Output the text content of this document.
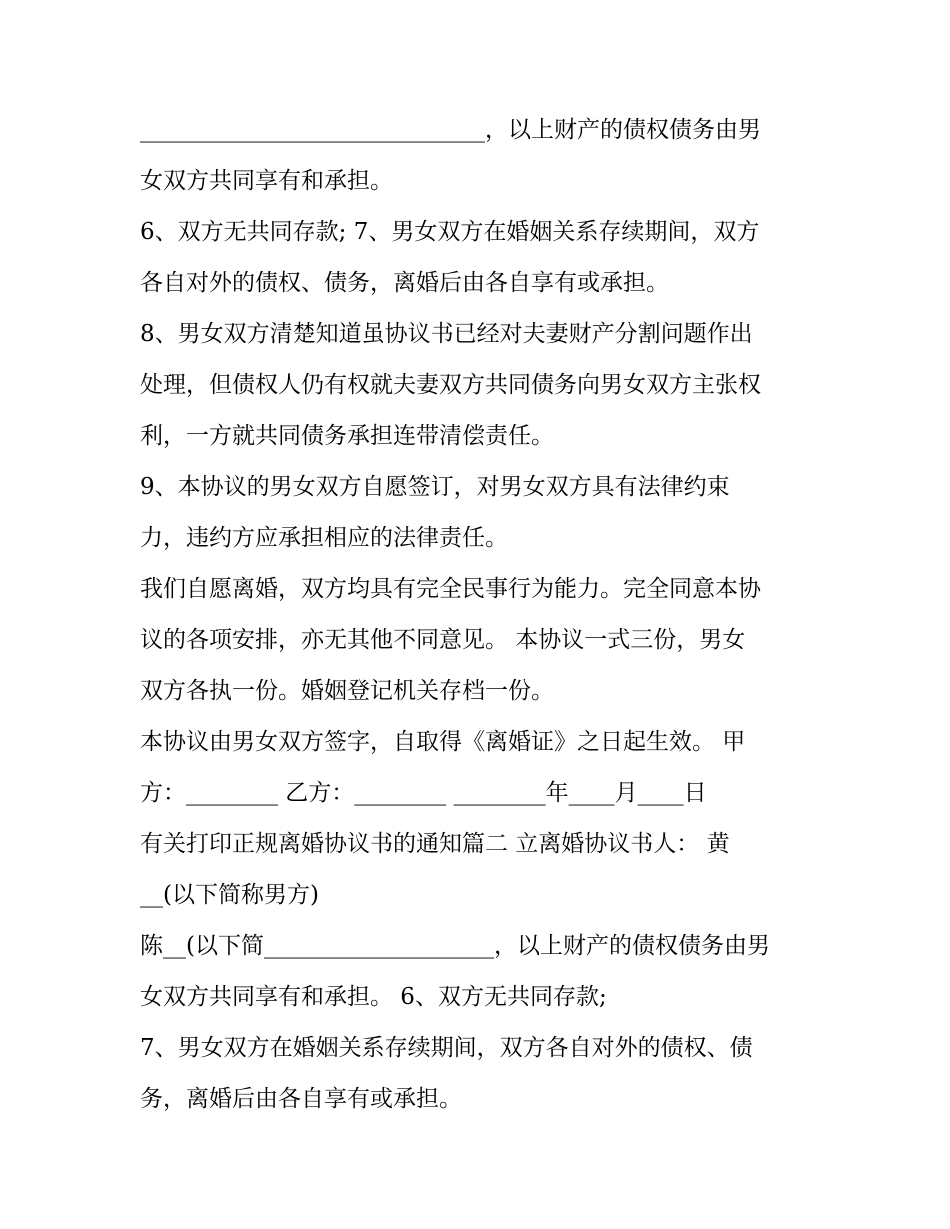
______________________________，以上财产的债权债务由男
女双方共同享有和承担。
6、双方无共同存款; 7、男女双方在婚姻关系存续期间，双方
各自对外的债权、债务，离婚后由各自享有或承担。
8、男女双方清楚知道虽协议书已经对夫妻财产分割问题作出
处理，但债权人仍有权就夫妻双方共同债务向男女双方主张权
利，一方就共同债务承担连带清偿责任。
9、本协议的男女双方自愿签订，对男女双方具有法律约束
力，违约方应承担相应的法律责任。
我们自愿离婚，双方均具有完全民事行为能力。完全同意本协
议的各项安排，亦无其他不同意见。 本协议一式三份，男女
双方各执一份。婚姻登记机关存档一份。
本协议由男女双方签字，自取得《离婚证》之日起生效。 甲
方：________ 乙方：________ ________年____月____日
有关打印正规离婚协议书的通知篇二 立离婚协议书人： 黄
__(以下简称男方)
陈__(以下简____________________，以上财产的债权债务由男
女双方共同享有和承担。 6、双方无共同存款;
7、男女双方在婚姻关系存续期间，双方各自对外的债权、债
务，离婚后由各自享有或承担。
